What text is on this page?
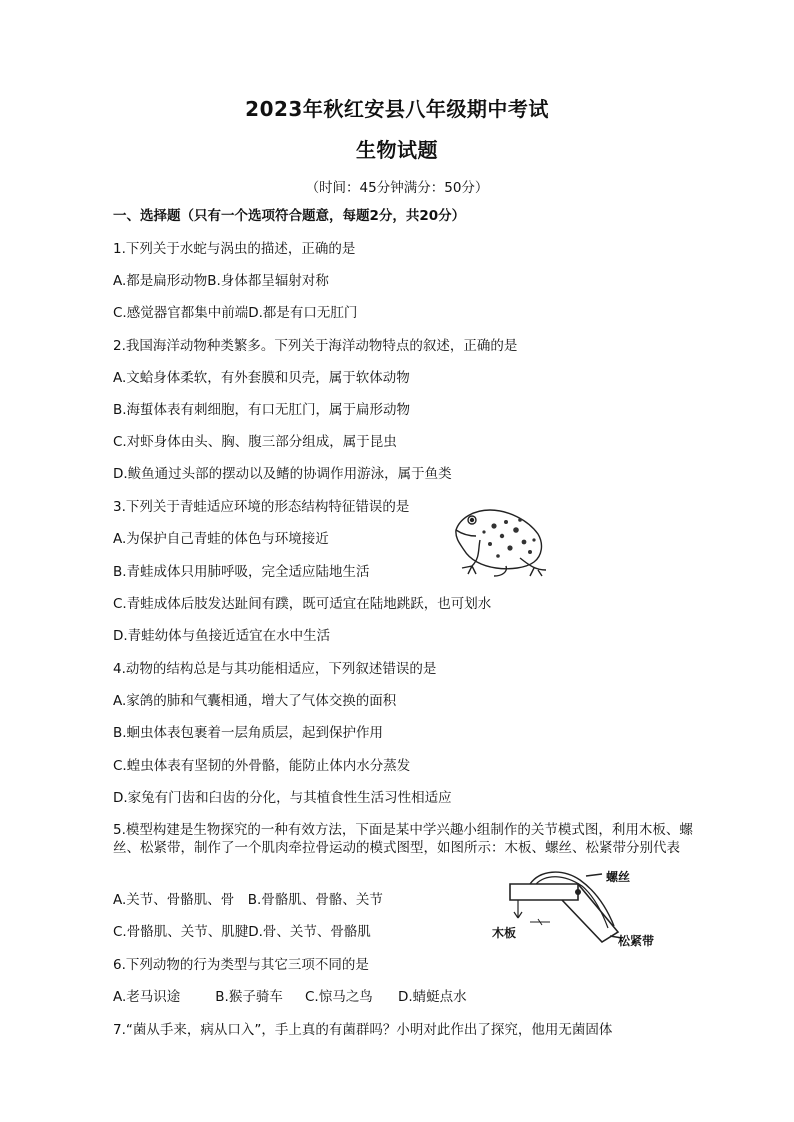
2023年秋红安县八年级期中考试
生物试题
（时间：45分钟满分：50分）
一、选择题（只有一个选项符合题意，每题2分，共20分）
1.下列关于水蛇与涡虫的描述，正确的是
A.都是扁形动物B.身体都呈辐射对称
C.感觉器官都集中前端D.都是有口无肛门
2.我国海洋动物种类繁多。下列关于海洋动物特点的叙述，正确的是
A.文蛤身体柔软，有外套膜和贝壳，属于软体动物
B.海蜇体表有刺细胞，有口无肛门，属于扁形动物
C.对虾身体由头、胸、腹三部分组成，属于昆虫
D.鲅鱼通过头部的摆动以及鳍的协调作用游泳，属于鱼类
3.下列关于青蛙适应环境的形态结构特征错误的是
A.为保护自己青蛙的体色与环境接近
B.青蛙成体只用肺呼吸，完全适应陆地生活
C.青蛙成体后肢发达趾间有蹼，既可适宜在陆地跳跃，也可划水
D.青蛙幼体与鱼接近适宜在水中生活
4.动物的结构总是与其功能相适应，下列叙述错误的是
A.家鸽的肺和气囊相通，增大了气体交换的面积
B.蛔虫体表包裹着一层角质层，起到保护作用
C.蝗虫体表有坚韧的外骨骼，能防止体内水分蒸发
D.家兔有门齿和臼齿的分化，与其植食性生活习性相适应
5.模型构建是生物探究的一种有效方法，下面是某中学兴趣小组制作的关节模式图，利用木板、螺丝、松紧带，制作了一个肌肉牵拉骨运动的模式图型，如图所示：木板、螺丝、松紧带分别代表
A.关节、骨骼肌、骨　B.骨骼肌、骨骼、关节
C.骨骼肌、关节、肌腱D.骨、关节、骨骼肌
螺丝
木板
松紧带
6.下列动物的行为类型与其它三项不同的是
A.老马识途	B.猴子骑车 C.惊马之鸟 D.蜻蜓点水
7.“菌从手来，病从口入”，手上真的有菌群吗？小明对此作出了探究，他用无菌固体
